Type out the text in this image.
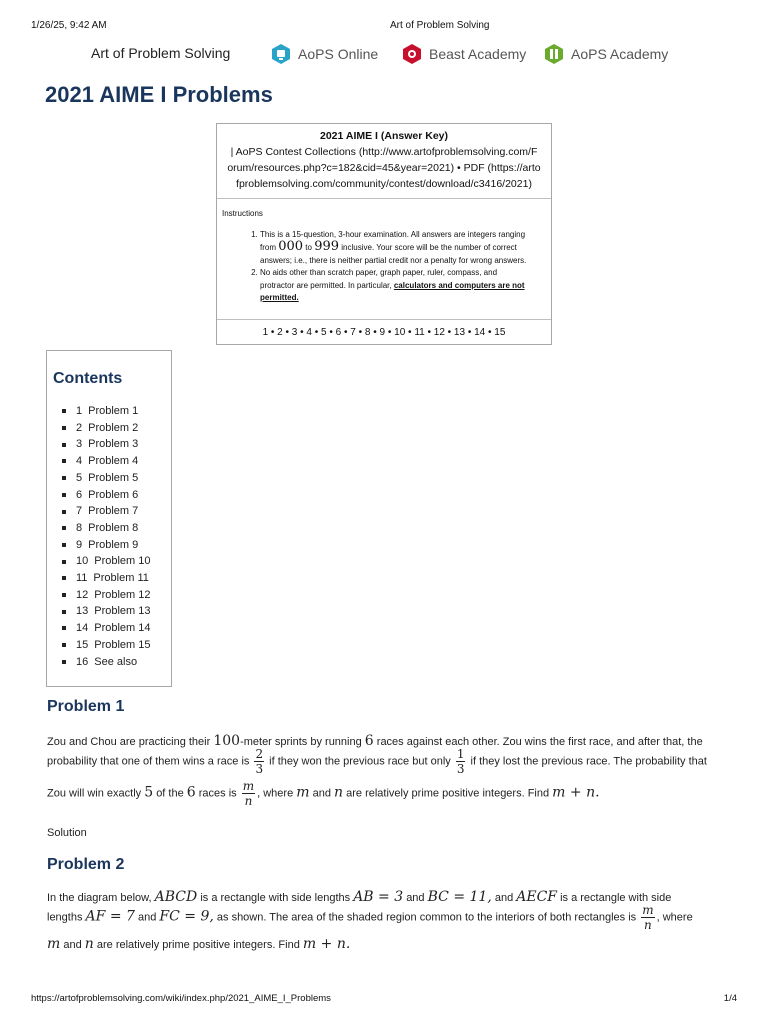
1/26/25, 9:42 AM	Art of Problem Solving
Art of Problem Solving	AoPS Online	Beast Academy	AoPS Academy
2021 AIME I Problems
2021 AIME I (Answer Key)
| AoPS Contest Collections (http://www.artofproblemsolving.com/F
orum/resources.php?c=182&cid=45&year=2021) • PDF (https://arto
fproblemsolving.com/community/contest/download/c3416/2021)
Instructions
1. This is a 15-question, 3-hour examination. All answers are integers ranging
from 000 to 999 inclusive. Your score will be the number of correct
answers; i.e., there is neither partial credit nor a penalty for wrong answers.
2. No aids other than scratch paper, graph paper, ruler, compass, and
protractor are permitted. In particular, calculators and computers are not
permitted.
1 • 2 • 3 • 4 • 5 • 6 • 7 • 8 • 9 • 10 • 11 • 12 • 13 • 14 • 15
Contents
1 Problem 1
2 Problem 2
3 Problem 3
4 Problem 4
5 Problem 5
6 Problem 6
7 Problem 7
8 Problem 8
9 Problem 9
10 Problem 10
11 Problem 11
12 Problem 12
13 Problem 13
14 Problem 14
15 Problem 15
16 See also
Problem 1
Zou and Chou are practicing their 100-meter sprints by running 6 races against each other. Zou wins the first race, and after that, the
probability that one of them wins a race is $\frac{2}{3}$ if they won the previous race but only $\frac{1}{3}$ if they lost the previous race. The probability that
Zou will win exactly 5 of the 6 races is $\frac{m}{n}$ , where m and n are relatively prime positive integers. Find m + n.
Solution
Problem 2
In the diagram below, ABCD is a rectangle with side lengths AB = 3 and BC = 11, and AECF is a rectangle with side
lengths AF = 7 and FC = 9, as shown. The area of the shaded region common to the interiors of both rectangles is $\frac{m}{n}$ , where
m and n are relatively prime positive integers. Find m + n.
https://artofproblemsolving.com/wiki/index.php/2021_AIME_I_Problems	1/4
